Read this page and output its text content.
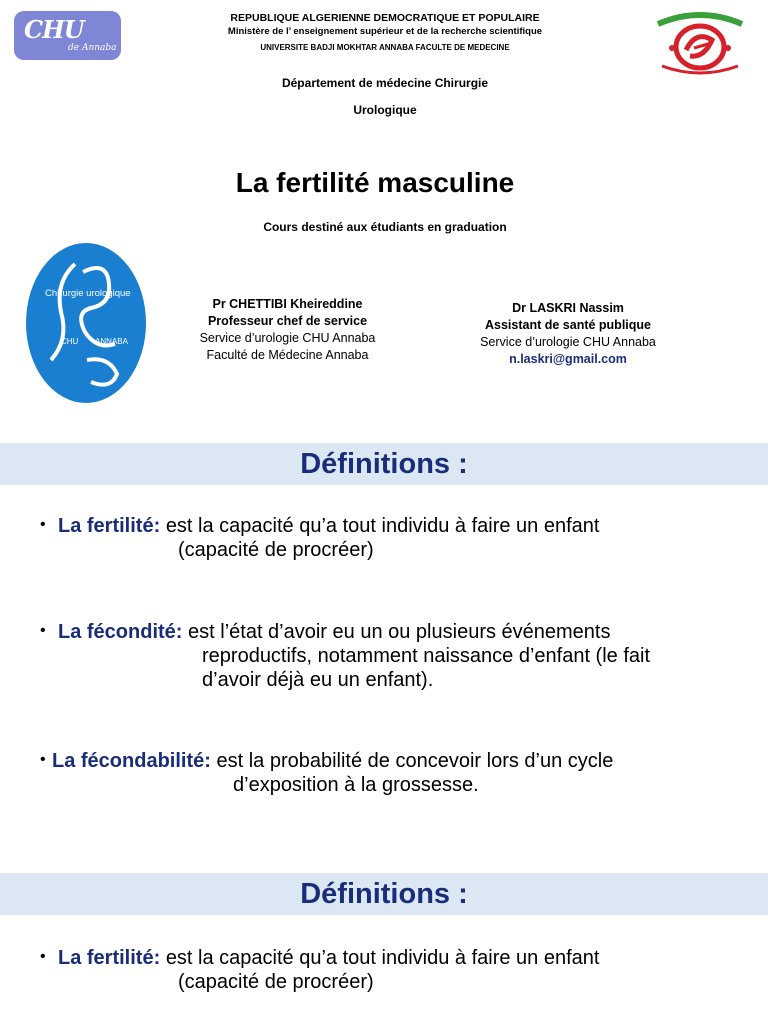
CHU
de Annaba
REPUBLIQUE ALGERIENNE DEMOCRATIQUE ET POPULAIRE
Ministère de l’ enseignement supérieur et de la recherche scientifique
UNIVERSITE BADJI MOKHTAR ANNABA FACULTE DE MEDECINE
Département de médecine Chirurgie
Urologique
La fertilité masculine
Cours destiné aux étudiants en graduation
Chirurgie urologique
CHU ANNABA
Pr CHETTIBI Kheireddine
Professeur chef de service
Service d’urologie CHU Annaba
Faculté de Médecine Annaba
Dr LASKRI Nassim
Assistant de santé publique
Service d’urologie CHU Annaba
n.laskri@gmail.com
Définitions :
• La fertilité: est la capacité qu’a tout individu à faire un enfant
(capacité de procréer)
• La fécondité: est l’état d’avoir eu un ou plusieurs événements
reproductifs, notamment naissance d’enfant (le fait
d’avoir déjà eu un enfant).
• La fécondabilité: est la probabilité de concevoir lors d’un cycle
d’exposition à la grossesse.
Définitions :
• La fertilité: est la capacité qu’a tout individu à faire un enfant
(capacité de procréer)
